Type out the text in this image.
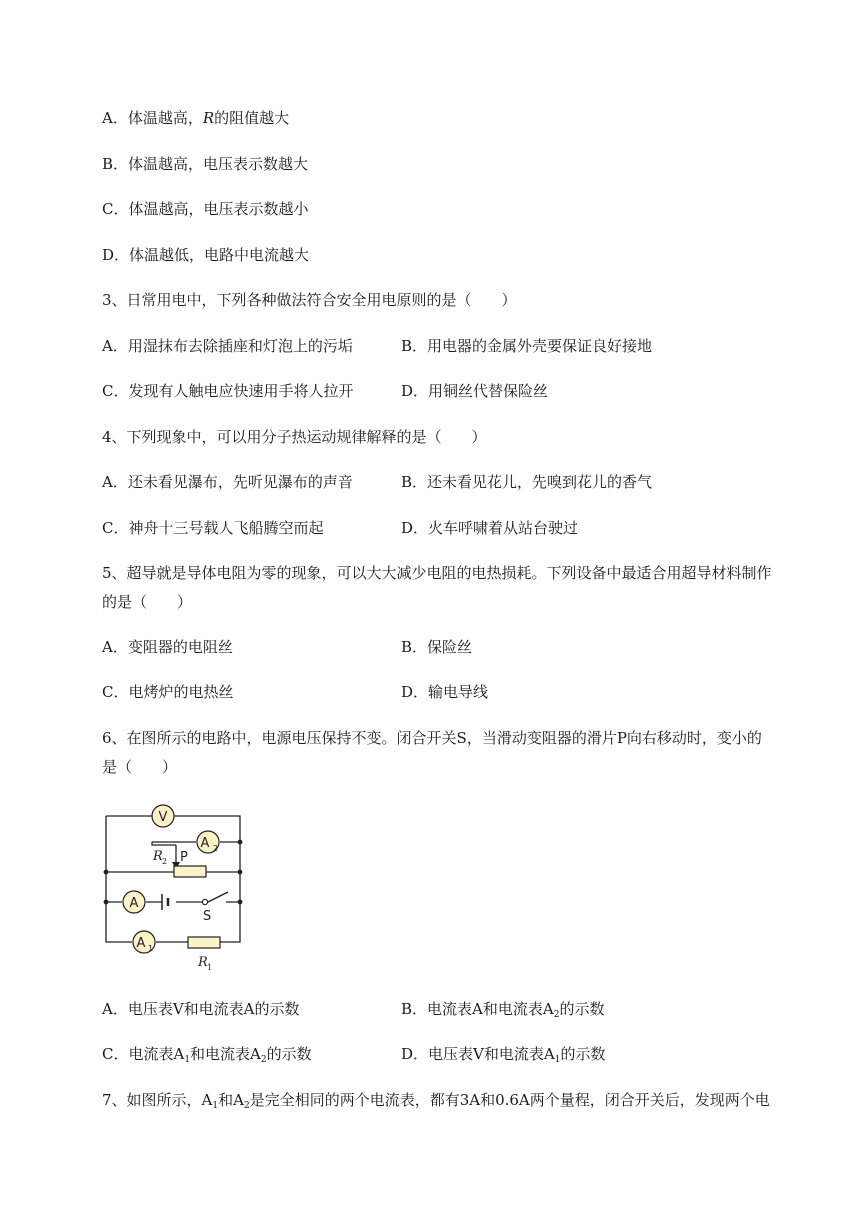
A．体温越高，R的阻值越大
B．体温越高，电压表示数越大
C．体温越高，电压表示数越小
D．体温越低，电路中电流越大
3、日常用电中，下列各种做法符合安全用电原则的是（　　）
A．用湿抹布去除插座和灯泡上的污垢	B．用电器的金属外壳要保证良好接地
C．发现有人触电应快速用手将人拉开	D．用铜丝代替保险丝
4、下列现象中，可以用分子热运动规律解释的是（　　）
A．还未看见瀑布，先听见瀑布的声音	B．还未看见花儿，先嗅到花儿的香气
C．神舟十三号载人飞船腾空而起	D．火车呼啸着从站台驶过
5、超导就是导体电阻为零的现象，可以大大减少电阻的电热损耗。下列设备中最适合用超导材料制作
的是（　　）
A．变阻器的电阻丝	B．保险丝
C．电烤炉的电热丝	D．输电导线
6、在图所示的电路中，电源电压保持不变。闭合开关S，当滑动变阻器的滑片P向右移动时，变小的
是（　　）
V
A
A 2
A 1
P
S
R
R
2
1
A．电压表V和电流表A的示数	B．电流表A和电流表$A_2$的示数
C．电流表$A_1$和电流表$A_2$的示数	D．电压表V和电流表$A_1$的示数
7、如图所示，$A_1$和$A_2$是完全相同的两个电流表，都有3A和0.6A两个量程，闭合开关后，发现两个电
